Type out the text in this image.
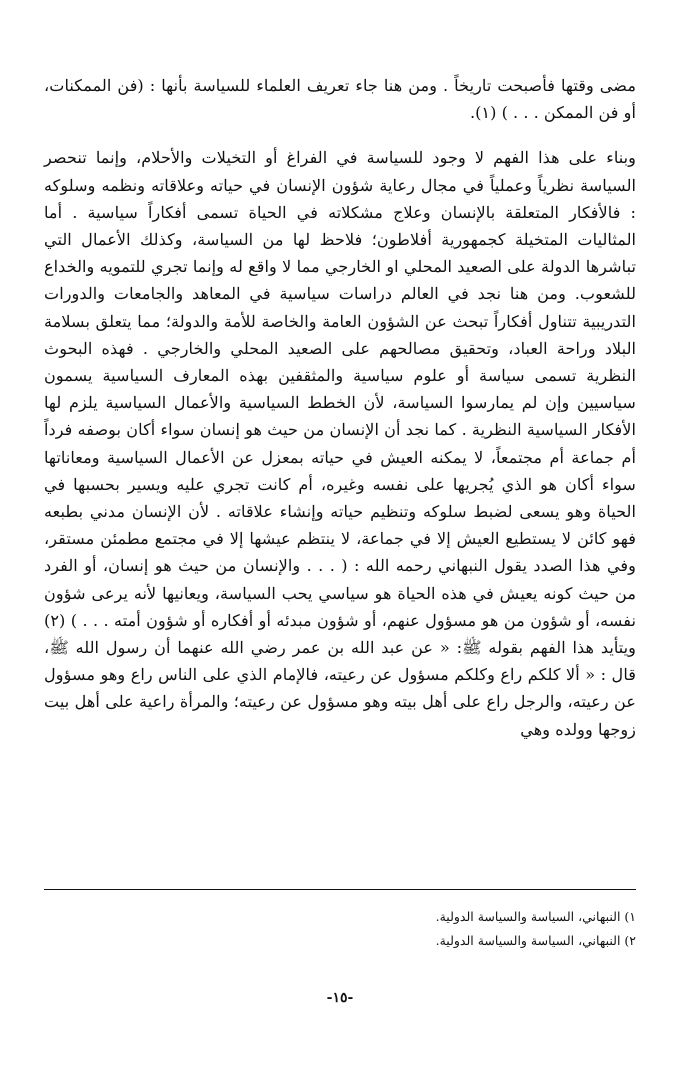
مضى وقتها فأصبحت تاريخاً . ومن هنا جاء تعريف العلماء للسياسة بأنها : (فن الممكنات، أو فن الممكن . . . ) (١).

وبناء على هذا الفهم لا وجود للسياسة في الفراغ أو التخيلات والأحلام، وإنما تنحصر السياسة نظرياً وعملياً في مجال رعاية شؤون الإنسان في حياته وعلاقاته ونظمه وسلوكه : فالأفكار المتعلقة بالإنسان وعلاج مشكلاته في الحياة تسمى أفكاراً سياسية . أما المثاليات المتخيلة كجمهورية أفلاطون؛ فلاحظ لها من السياسة، وكذلك الأعمال التي تباشرها الدولة على الصعيد المحلي او الخارجي مما لا واقع له وإنما تجري للتمويه والخداع للشعوب. ومن هنا نجد في العالم دراسات سياسية في المعاهد والجامعات والدورات التدريبية تتناول أفكاراً تبحث عن الشؤون العامة والخاصة للأمة والدولة؛ مما يتعلق بسلامة البلاد وراحة العباد، وتحقيق مصالحهم على الصعيد المحلي والخارجي . فهذه البحوث النظرية تسمى سياسة أو علوم سياسية والمثقفين بهذه المعارف السياسية يسمون سياسيين وإن لم يمارسوا السياسة، لأن الخطط السياسية والأعمال السياسية يلزم لها الأفكار السياسية النظرية . كما نجد أن الإنسان من حيث هو إنسان سواء أكان بوصفه فرداً أم جماعة أم مجتمعاً، لا يمكنه العيش في حياته بمعزل عن الأعمال السياسية ومعاناتها سواء أكان هو الذي يُجريها على نفسه وغيره، أم كانت تجري عليه ويسير بحسبها في الحياة وهو يسعى لضبط سلوكه وتنظيم حياته وإنشاء علاقاته . لأن الإنسان مدني بطبعه فهو كائن لا يستطيع العيش إلا في جماعة، لا ينتظم عيشها إلا في مجتمع مطمئن مستقر، وفي هذا الصدد يقول النبهاني رحمه الله : ( . . . والإنسان من حيث هو إنسان، أو الفرد من حيث كونه يعيش في هذه الحياة هو سياسي يحب السياسة، ويعانيها لأنه يرعى شؤون نفسه، أو شؤون من هو مسؤول عنهم، أو شؤون مبدئه أو أفكاره أو شؤون أمته . . . ) (٢) ويتأيد هذا الفهم بقوله ﷺ: « عن عبد الله بن عمر رضي الله عنهما أن رسول الله ﷺ، قال : « ألا كلكم راع وكلكم مسؤول عن رعيته، فالإمام الذي على الناس راع وهو مسؤول عن رعيته، والرجل راع على أهل بيته وهو مسؤول عن رعيته؛ والمرأة راعية على أهل بيت زوجها وولده وهي

١) النبهاني، السياسة والسياسة الدولية.

٢) النبهاني، السياسة والسياسة الدولية.

-١٥-
